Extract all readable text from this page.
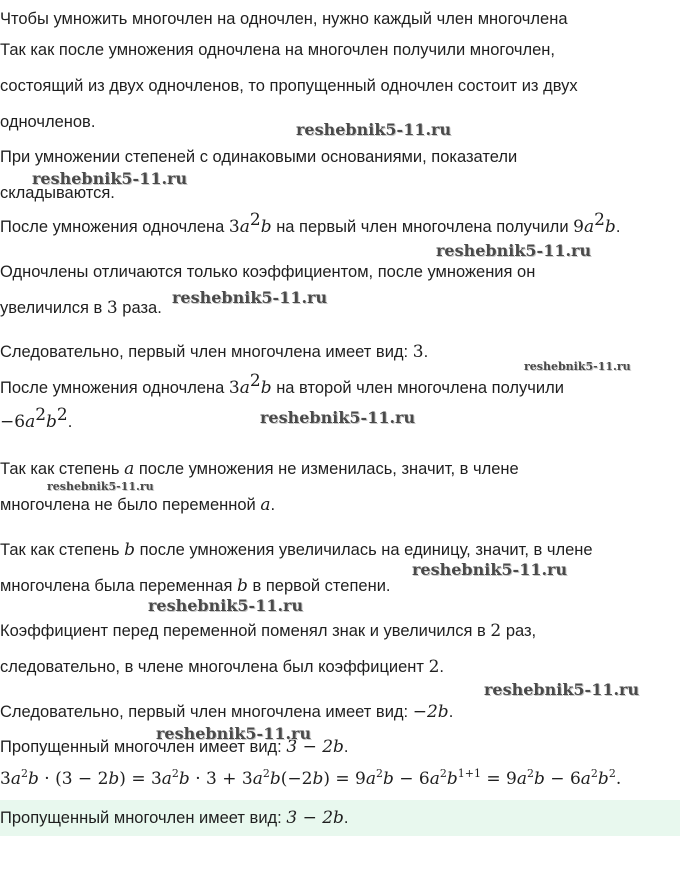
Чтобы умножить многочлен на одночлен, нужно каждый член многочлена
Так как после умножения одночлена на многочлен получили многочлен,
состоящий из двух одночленов, то пропущенный одночлен состоит из двух
одночленов.
При умножении степеней с одинаковыми основаниями, показатели
складываются.
После умножения одночлена $3a^2b$ на первый член многочлена получили $9a^2b$.
Одночлены отличаются только коэффициентом, после умножения он
увеличился в 3 раза.
Следовательно, первый член многочлена имеет вид: 3.
После умножения одночлена $3a^2b$ на второй член многочлена получили
$-6a^2b^2$.
Так как степень a после умножения не изменилась, значит, в члене
многочлена не было переменной a.
Так как степень b после умножения увеличилась на единицу, значит, в члене
многочлена была переменная b в первой степени.
Коэффициент перед переменной поменял знак и увеличился в 2 раз,
следовательно, в члене многочлена был коэффициент 2.
Следовательно, первый член многочлена имеет вид: −2b.
Пропущенный многочлен имеет вид: 3 − 2b.
$3a^2b \cdot (3 - 2b) = 3a^2b \cdot 3 + 3a^2b(-2b) = 9a^2b - 6a^2b^{1+1} = 9a^2b - 6a^2b^2$.
Пропущенный многочлен имеет вид: 3 − 2b.
reshebnik5-11.ru
reshebnik5-11.ru
reshebnik5-11.ru
reshebnik5-11.ru
reshebnik5-11.ru
reshebnik5-11.ru
reshebnik5-11.ru
reshebnik5-11.ru
reshebnik5-11.ru
reshebnik5-11.ru
reshebnik5-11.ru
